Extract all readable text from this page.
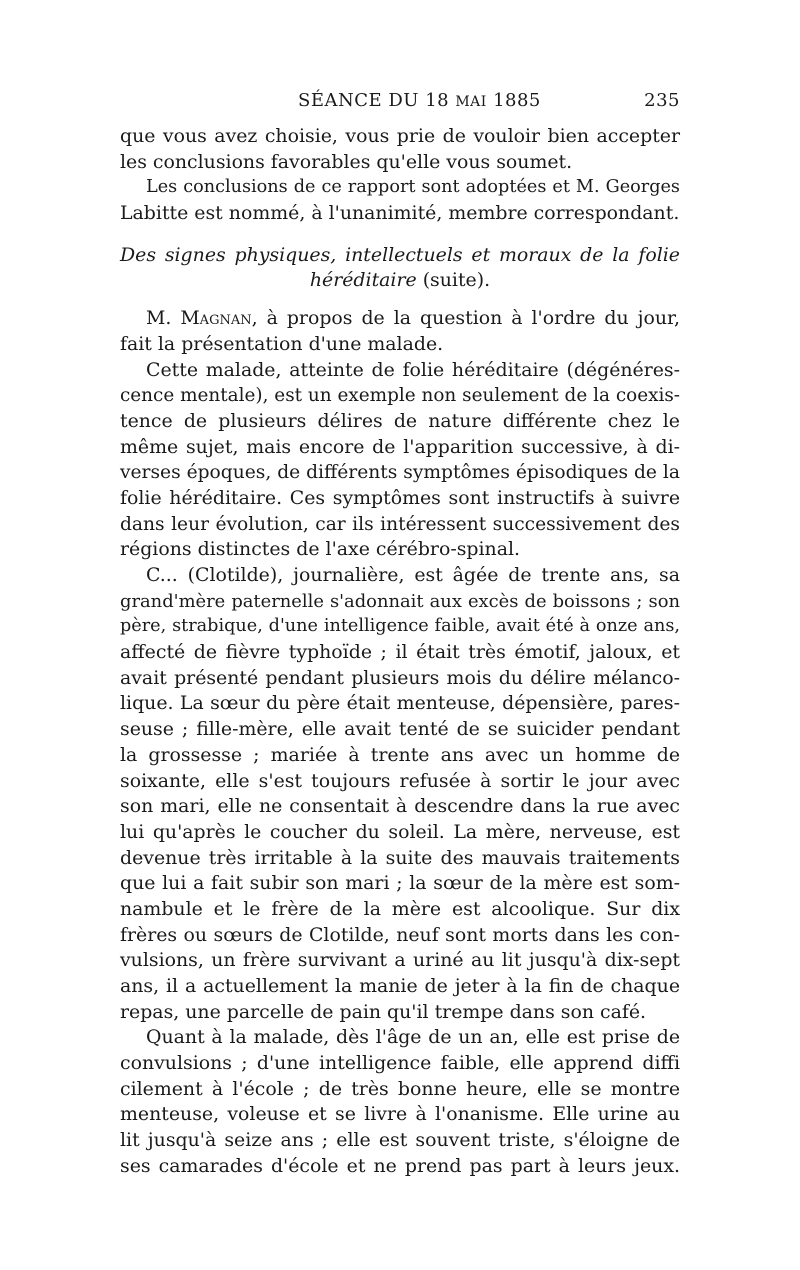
SÉANCE DU 18 MAI 1885	235
que vous avez choisie, vous prie de vouloir bien accepter
les conclusions favorables qu'elle vous soumet.
Les conclusions de ce rapport sont adoptées et M. Georges
Labitte est nommé, à l'unanimité, membre correspondant.
Des signes physiques, intellectuels et moraux de la folie
héréditaire (suite).
M. Magnan, à propos de la question à l'ordre du jour,
fait la présentation d'une malade.
Cette malade, atteinte de folie héréditaire (dégénéres-
cence mentale), est un exemple non seulement de la coexis-
tence de plusieurs délires de nature différente chez le
même sujet, mais encore de l'apparition successive, à di-
verses époques, de différents symptômes épisodiques de la
folie héréditaire. Ces symptômes sont instructifs à suivre
dans leur évolution, car ils intéressent successivement des
régions distinctes de l'axe cérébro-spinal.
C... (Clotilde), journalière, est âgée de trente ans, sa
grand'mère paternelle s'adonnait aux excès de boissons ; son
père, strabique, d'une intelligence faible, avait été à onze ans,
affecté de fièvre typhoïde ; il était très émotif, jaloux, et
avait présenté pendant plusieurs mois du délire mélanco-
lique. La sœur du père était menteuse, dépensière, pares-
seuse ; fille-mère, elle avait tenté de se suicider pendant
la grossesse ; mariée à trente ans avec un homme de
soixante, elle s'est toujours refusée à sortir le jour avec
son mari, elle ne consentait à descendre dans la rue avec
lui qu'après le coucher du soleil. La mère, nerveuse, est
devenue très irritable à la suite des mauvais traitements
que lui a fait subir son mari ; la sœur de la mère est som-
nambule et le frère de la mère est alcoolique. Sur dix
frères ou sœurs de Clotilde, neuf sont morts dans les con-
vulsions, un frère survivant a uriné au lit jusqu'à dix-sept
ans, il a actuellement la manie de jeter à la fin de chaque
repas, une parcelle de pain qu'il trempe dans son café.
Quant à la malade, dès l'âge de un an, elle est prise de
convulsions ; d'une intelligence faible, elle apprend diffi
cilement à l'école ; de très bonne heure, elle se montre
menteuse, voleuse et se livre à l'onanisme. Elle urine au
lit jusqu'à seize ans ; elle est souvent triste, s'éloigne de
ses camarades d'école et ne prend pas part à leurs jeux.
